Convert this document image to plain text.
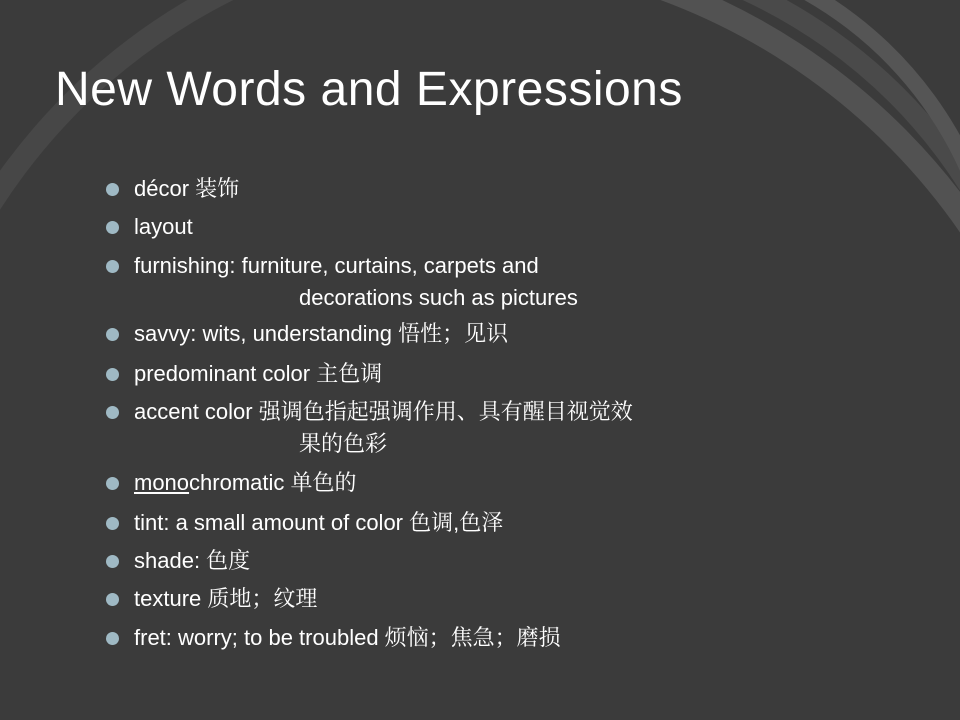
New Words and Expressions
décor 装饰
layout
furnishing: furniture, curtains, carpets and
decorations such as pictures
savvy: wits, understanding 悟性；见识
predominant color 主色调
accent color 强调色指起强调作用、具有醒目视觉效
果的色彩
monochromatic 单色的
tint: a small amount of color 色调,色泽
shade: 色度
texture 质地；纹理
fret: worry; to be troubled 烦恼；焦急；磨损
